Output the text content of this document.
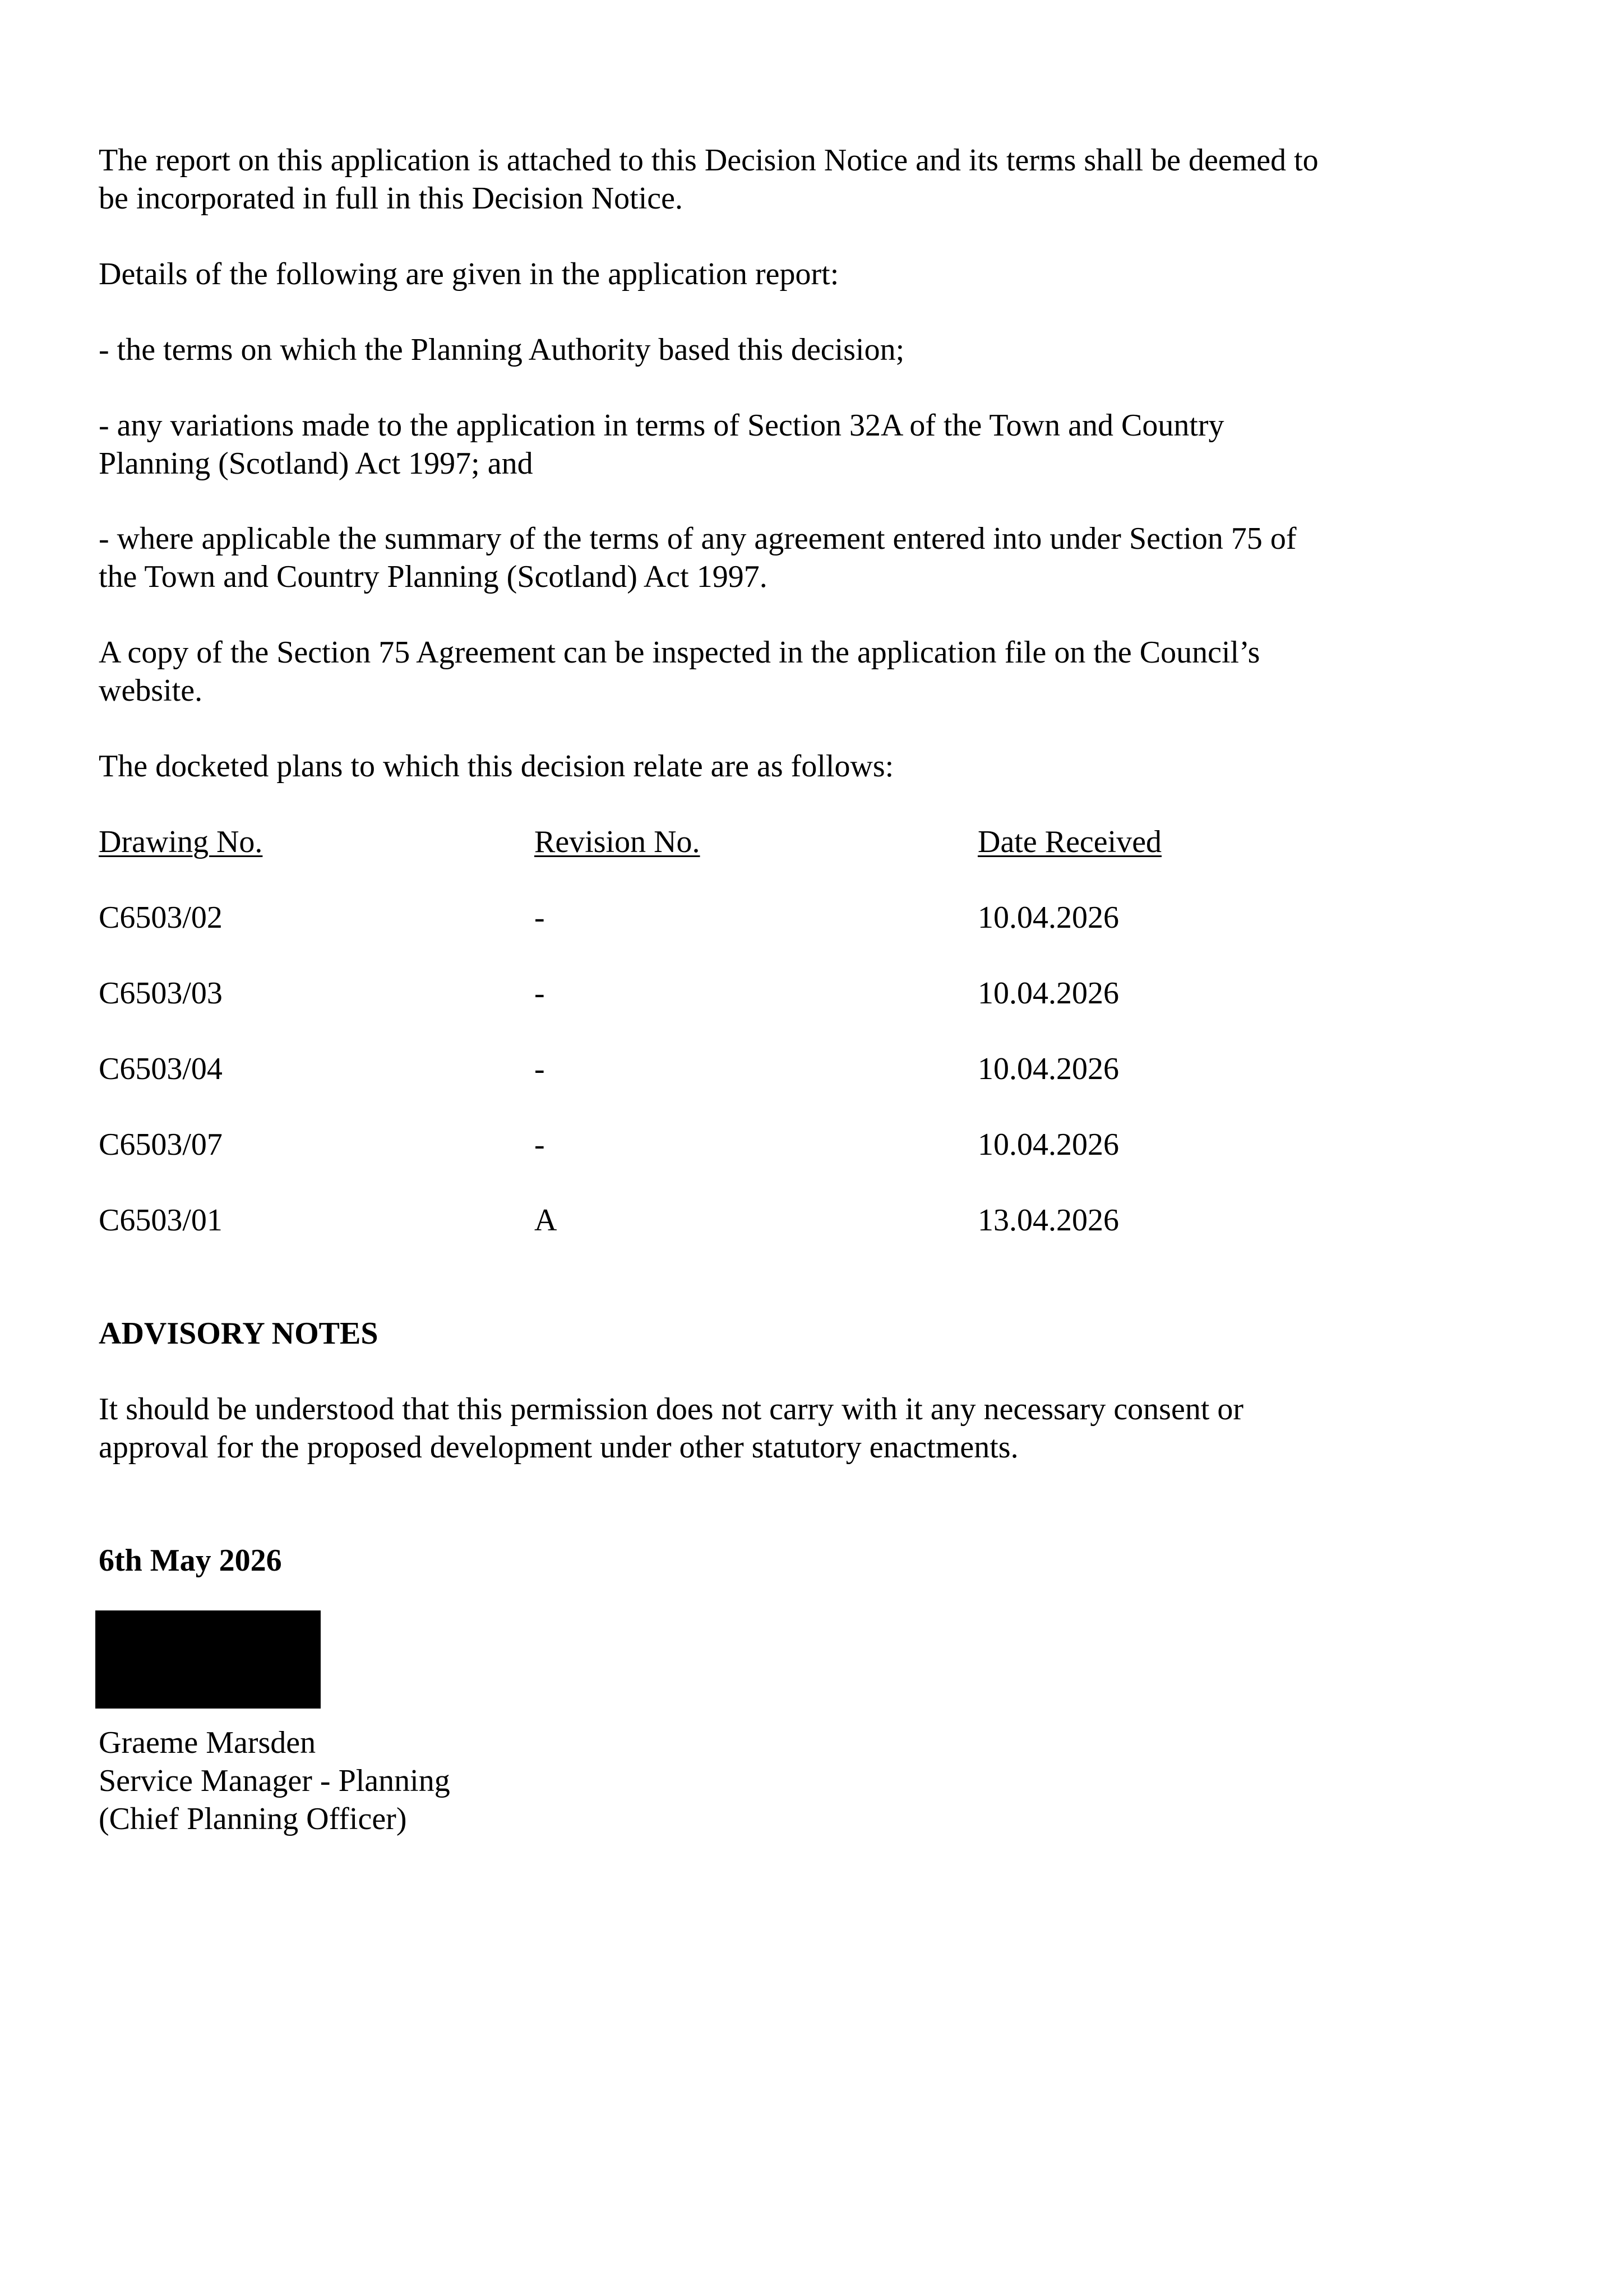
The report on this application is attached to this Decision Notice and its terms shall be deemed to
be incorporated in full in this Decision Notice.

Details of the following are given in the application report:

- the terms on which the Planning Authority based this decision;

- any variations made to the application in terms of Section 32A of the Town and Country
Planning (Scotland) Act 1997; and

- where applicable the summary of the terms of any agreement entered into under Section 75 of
the Town and Country Planning (Scotland) Act 1997.

A copy of the Section 75 Agreement can be inspected in the application file on the Council’s
website.

The docketed plans to which this decision relate are as follows:

Drawing No.	Revision No.	Date Received
C6503/02	-	10.04.2026
C6503/03	-	10.04.2026
C6503/04	-	10.04.2026
C6503/07	-	10.04.2026
C6503/01	A	13.04.2026

ADVISORY NOTES

It should be understood that this permission does not carry with it any necessary consent or
approval for the proposed development under other statutory enactments.

6th May 2026

Graeme Marsden
Service Manager - Planning
(Chief Planning Officer)
